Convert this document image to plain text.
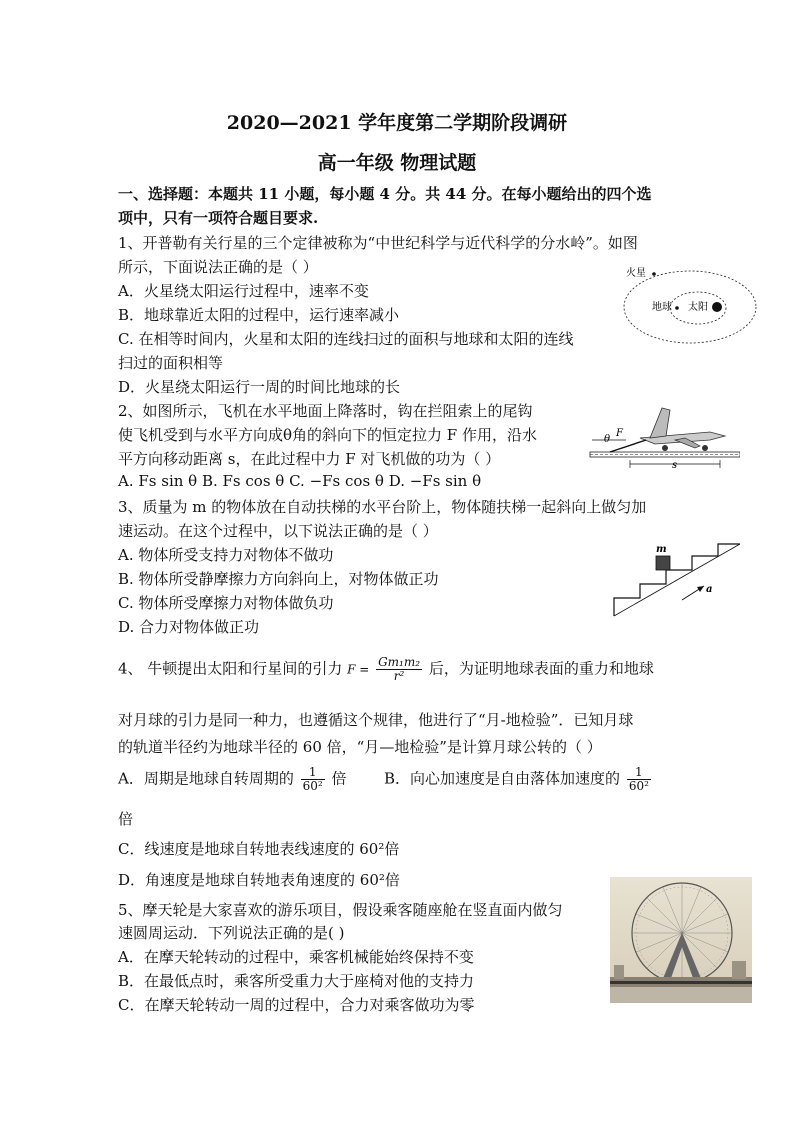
2020—2021 学年度第二学期阶段调研
高一年级 物理试题
一、选择题：本题共 11 小题，每小题 4 分。共 44 分。在每小题给出的四个选
项中，只有一项符合题目要求.
1、开普勒有关行星的三个定律被称为“中世纪科学与近代科学的分水岭”。如图
所示，下面说法正确的是（ ）
A．火星绕太阳运行过程中，速率不变
B．地球靠近太阳的过程中，运行速率减小
C. 在相等时间内，火星和太阳的连线扫过的面积与地球和太阳的连线
扫过的面积相等
D．火星绕太阳运行一周的时间比地球的长
火星
地球 太阳
2、如图所示，飞机在水平地面上降落时，钩在拦阻索上的尾钩
使飞机受到与水平方向成θ角的斜向下的恒定拉力 F 作用，沿水
平方向移动距离 s，在此过程中力 F 对飞机做的功为（ ）
A. Fs sin θ B. Fs cos θ C. −Fs cos θ D. −Fs sin θ
θ
F
s
3、质量为 m 的物体放在自动扶梯的水平台阶上，物体随扶梯一起斜向上做匀加
速运动。在这个过程中，以下说法正确的是（ ）
A. 物体所受支持力对物体不做功
B. 物体所受静摩擦力方向斜向上，对物体做正功
C. 物体所受摩擦力对物体做负功
D. 合力对物体做正功
m
a
4、 牛顿提出太阳和行星间的引力 $F = \frac{\text{Gm₁m₂}}{\text{r²}}$ 后，为证明地球表面的重力和地球
对月球的引力是同一种力，也遵循这个规律，他进行了“月-地检验”．已知月球
的轨道半径约为地球半径的 60 倍，“月—地检验”是计算月球公转的（ ）
A．周期是地球自转周期的 $\frac{1}{\text{60²}}$ 倍 B．向心加速度是自由落体加速度的 $\frac{1}{\text{60²}}$
倍
C．线速度是地球自转地表线速度的 60²倍
D．角速度是地球自转地表角速度的 60²倍
5、摩天轮是大家喜欢的游乐项目，假设乘客随座舱在竖直面内做匀
速圆周运动．下列说法正确的是( )
A．在摩天轮转动的过程中，乘客机械能始终保持不变
B．在最低点时，乘客所受重力大于座椅对他的支持力
C．在摩天轮转动一周的过程中，合力对乘客做功为零
